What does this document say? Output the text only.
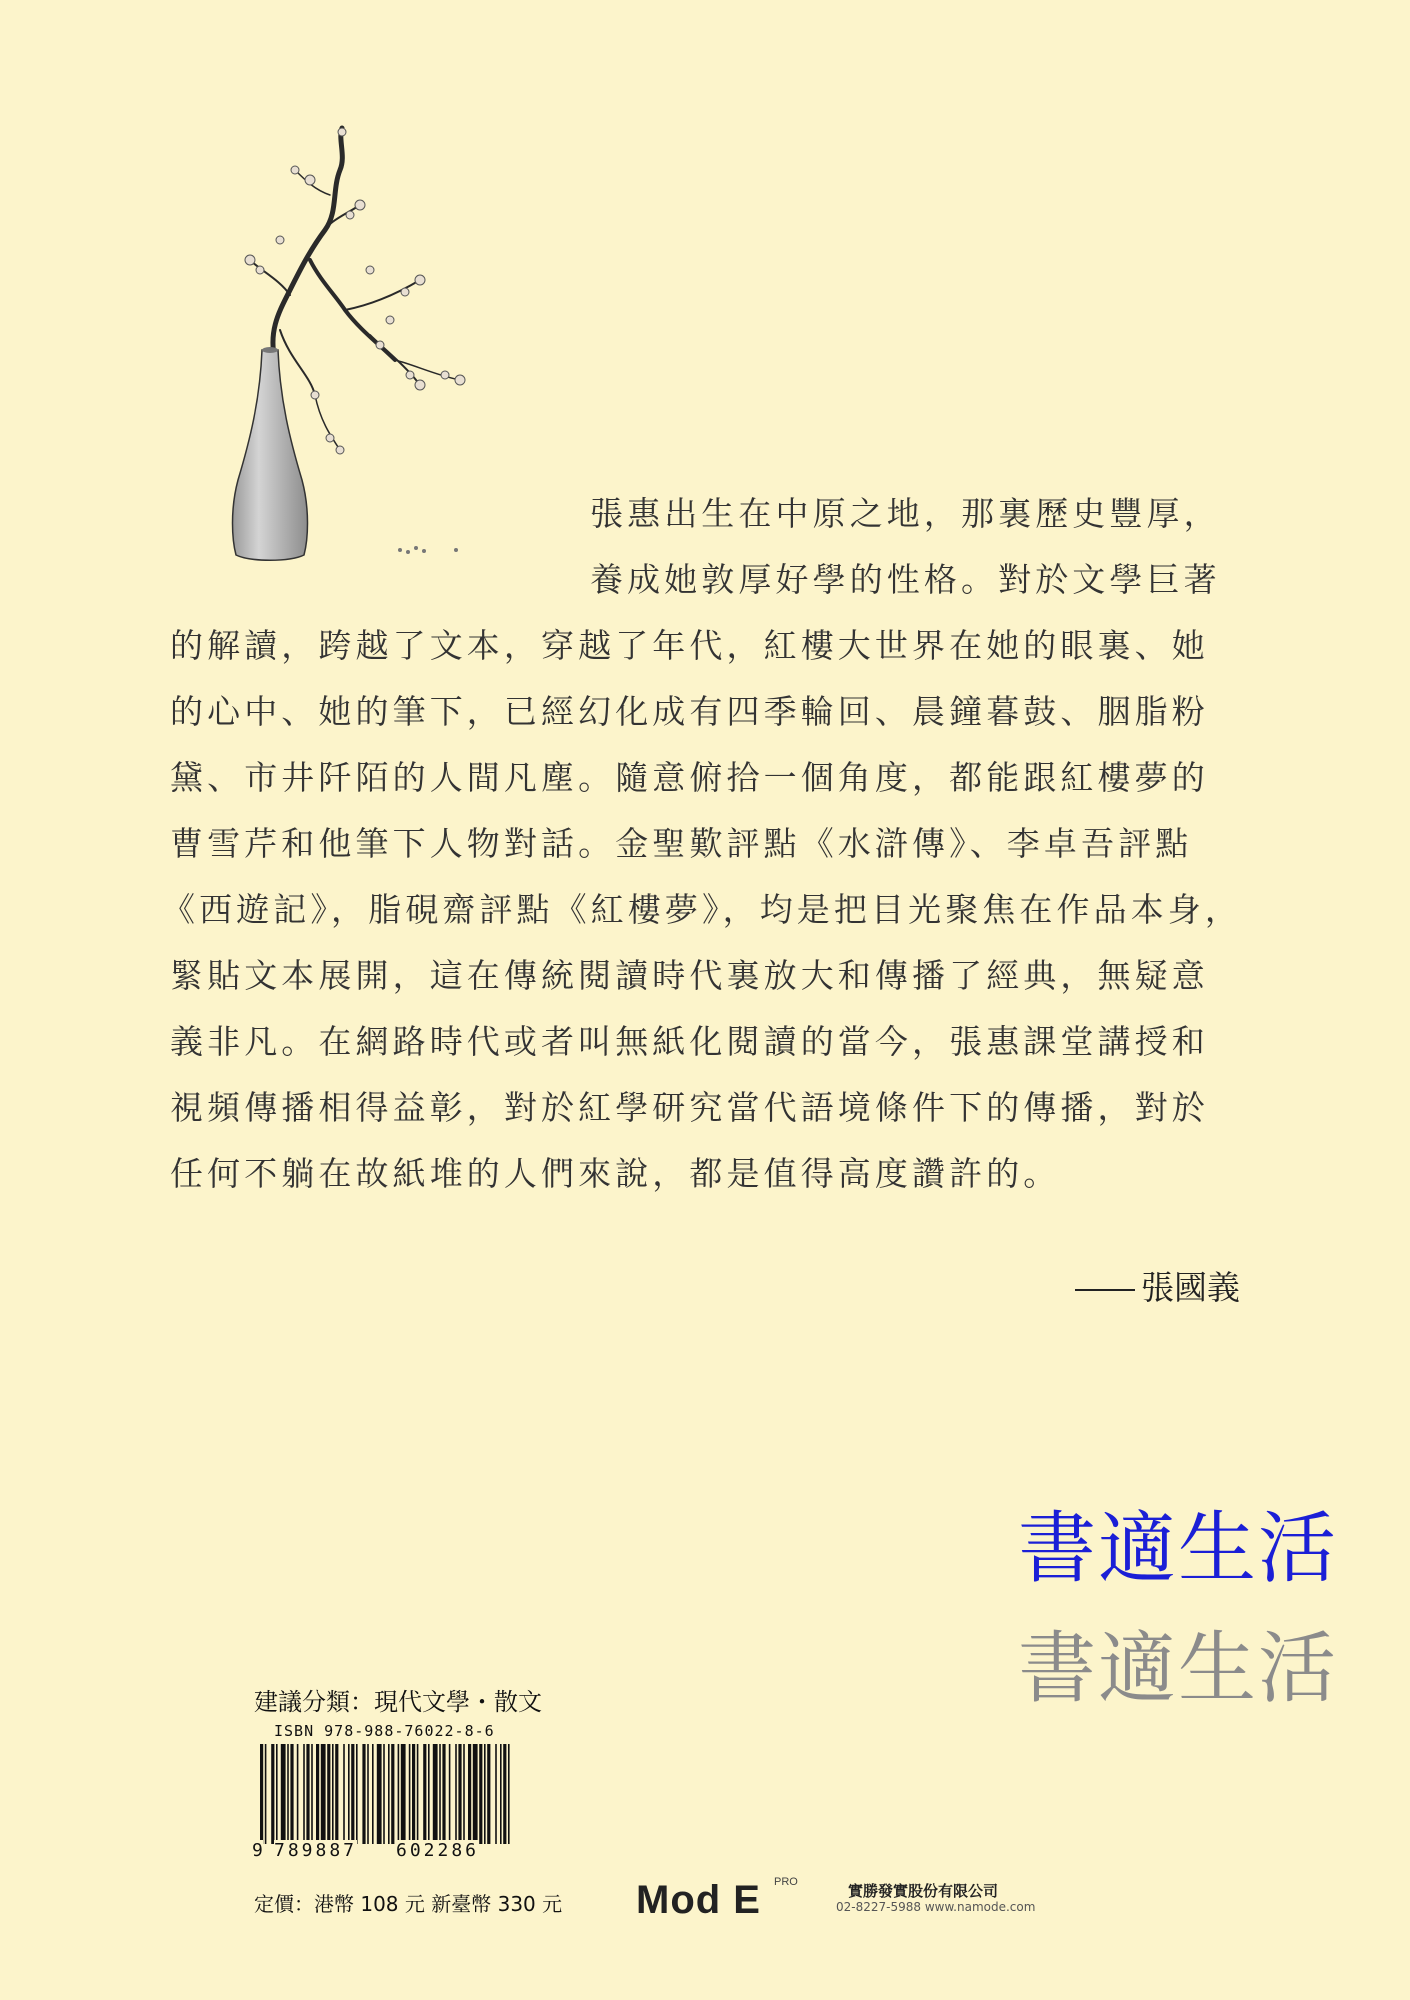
張惠出生在中原之地，那裏歷史豐厚，
養成她敦厚好學的性格。對於文學巨著
的解讀，跨越了文本，穿越了年代，紅樓大世界在她的眼裏、她
的心中、她的筆下，已經幻化成有四季輪回、晨鐘暮鼓、胭脂粉
黛、市井阡陌的人間凡塵。隨意俯拾一個角度，都能跟紅樓夢的
曹雪芹和他筆下人物對話。金聖歎評點《水滸傳》、李卓吾評點
《西遊記》，脂硯齋評點《紅樓夢》，均是把目光聚焦在作品本身，
緊貼文本展開，這在傳統閱讀時代裏放大和傳播了經典，無疑意
義非凡。在網路時代或者叫無紙化閱讀的當今，張惠課堂講授和
視頻傳播相得益彰，對於紅學研究當代語境條件下的傳播，對於
任何不躺在故紙堆的人們來說，都是值得高度讚許的。
張國義
書適生活
書適生活
建議分類：現代文學・散文
ISBN 978-988-76022-8-6
9 789887 602286
定價：港幣 108 元 新臺幣 330 元 Mod E PRO	實勝發實股份有限公司
02-8227-5988 www.namode.com
